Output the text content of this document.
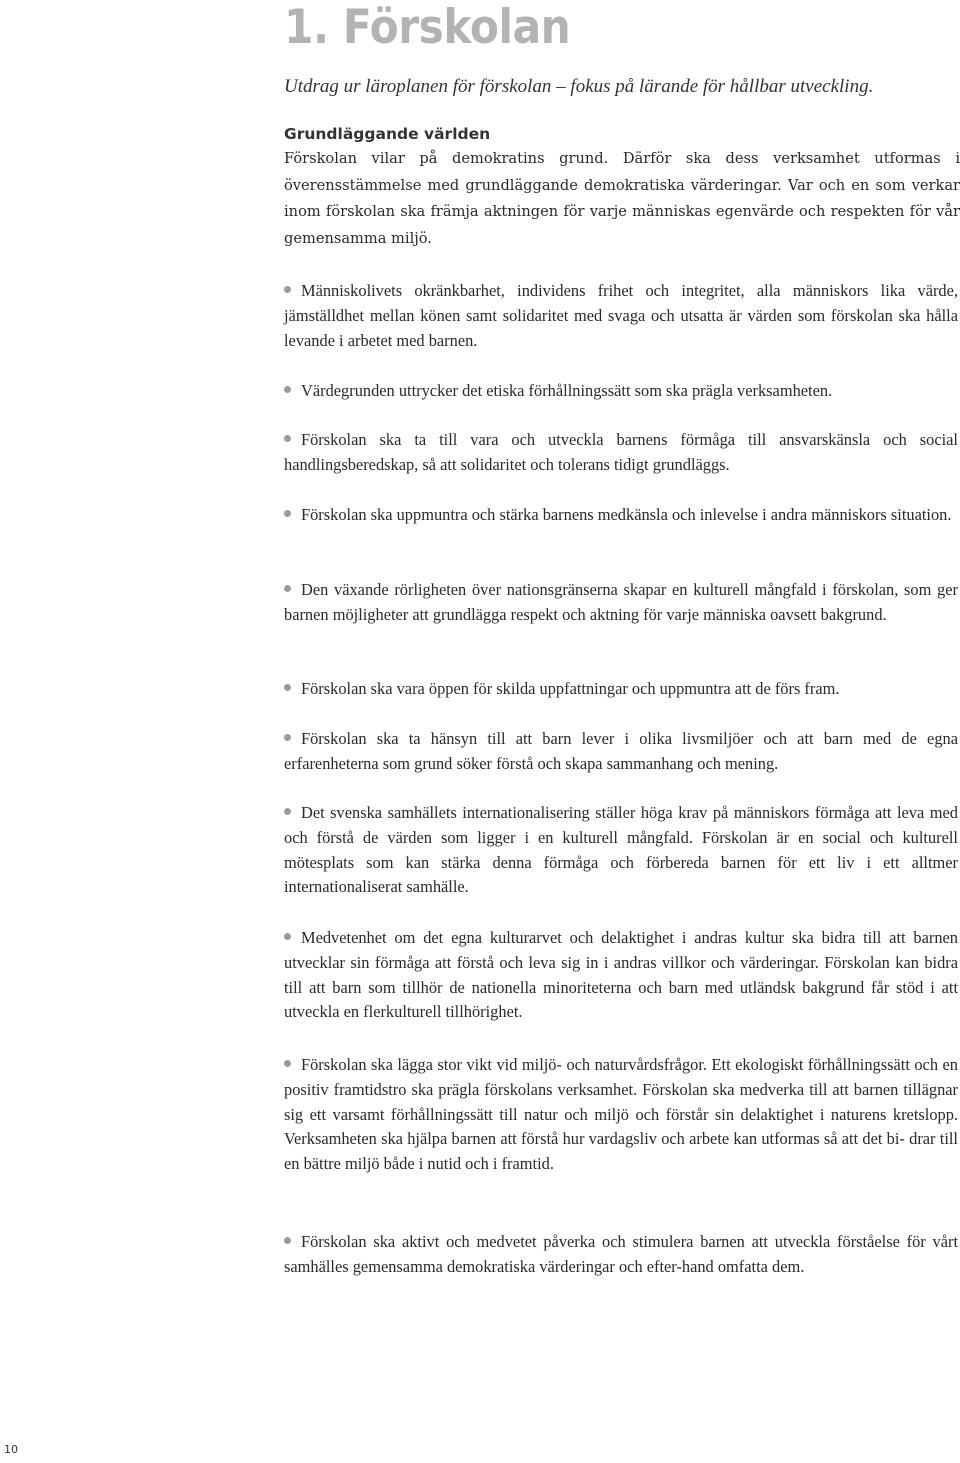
1. Förskolan

Utdrag ur läroplanen för förskolan – fokus på lärande för hållbar utveckling.

Grundläggande världen

Förskolan vilar på demokratins grund. Därför ska dess verksamhet utformas i överensstämmelse med grundläggande demokratiska värderingar. Var och en som verkar inom förskolan ska främja aktningen för varje människas egenvärde och respekten för vår gemensamma miljö.

Människolivets okränkbarhet, individens frihet och integritet, alla människors lika värde, jämställdhet mellan könen samt solidaritet med svaga och utsatta är värden som förskolan ska hålla levande i arbetet med barnen.

Värdegrunden uttrycker det etiska förhållningssätt som ska prägla verksamheten.

Förskolan ska ta till vara och utveckla barnens förmåga till ansvarskänsla och social handlingsberedskap, så att solidaritet och tolerans tidigt grundläggs.

Förskolan ska uppmuntra och stärka barnens medkänsla och inlevelse i andra människors situation.

Den växande rörligheten över nationsgränserna skapar en kulturell mångfald i förskolan, som ger barnen möjligheter att grundlägga respekt och aktning för varje människa oavsett bakgrund.

Förskolan ska vara öppen för skilda uppfattningar och uppmuntra att de förs fram.

Förskolan ska ta hänsyn till att barn lever i olika livsmiljöer och att barn med de egna erfarenheterna som grund söker förstå och skapa sammanhang och mening.

Det svenska samhällets internationalisering ställer höga krav på människors förmåga att leva med och förstå de värden som ligger i en kulturell mångfald. Förskolan är en social och kulturell mötesplats som kan stärka denna förmåga och förbereda barnen för ett liv i ett alltmer internationaliserat samhälle.

Medvetenhet om det egna kulturarvet och delaktighet i andras kultur ska bidra till att barnen utvecklar sin förmåga att förstå och leva sig in i andras villkor och värderingar. Förskolan kan bidra till att barn som tillhör de nationella minoriteterna och barn med utländsk bakgrund får stöd i att utveckla en flerkulturell tillhörighet.

Förskolan ska lägga stor vikt vid miljö- och naturvårdsfrågor. Ett ekologiskt förhållningssätt och en positiv framtidstro ska prägla förskolans verksamhet. Förskolan ska medverka till att barnen tillägnar sig ett varsamt förhållningssätt till natur och miljö och förstår sin delaktighet i naturens kretslopp. Verksamheten ska hjälpa barnen att förstå hur vardagsliv och arbete kan utformas så att det bi- drar till en bättre miljö både i nutid och i framtid.

Förskolan ska aktivt och medvetet påverka och stimulera barnen att utveckla förståelse för vårt samhälles gemensamma demokratiska värderingar och efter-hand omfatta dem.

10
